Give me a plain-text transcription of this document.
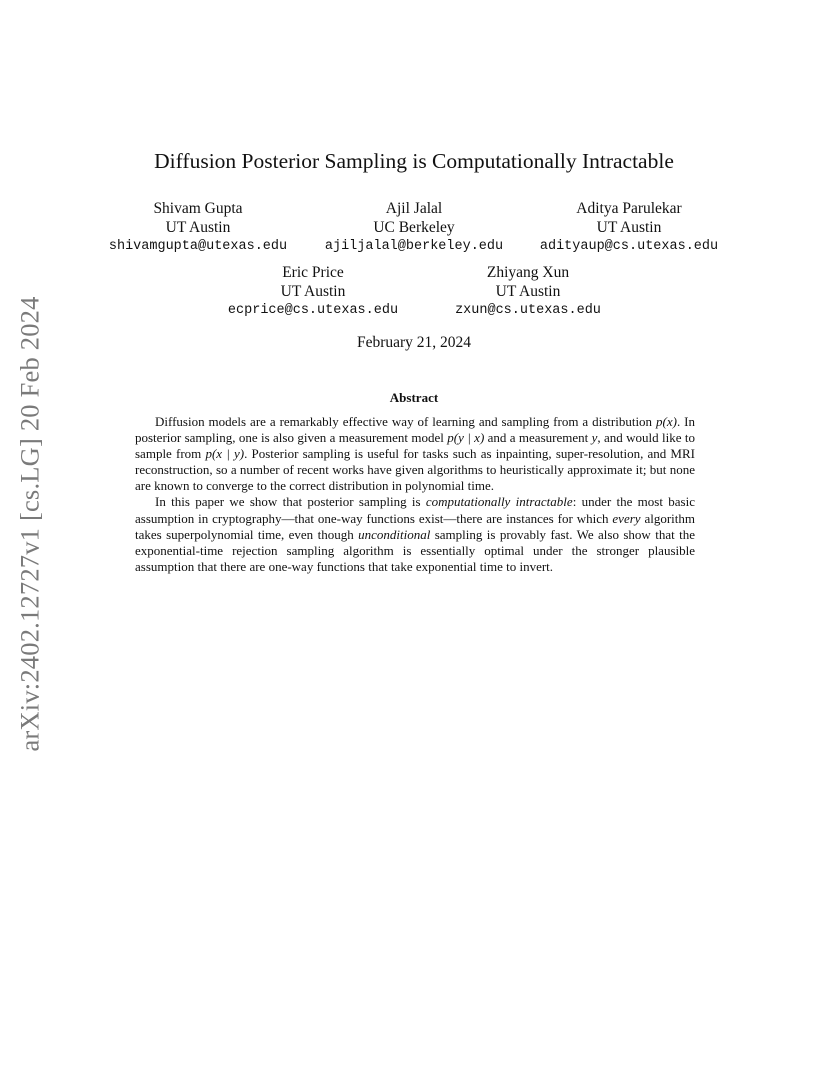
arXiv:2402.12727v1 [cs.LG] 20 Feb 2024
Diffusion Posterior Sampling is Computationally Intractable
Shivam Gupta
UT Austin
shivamgupta@utexas.edu
Ajil Jalal
UC Berkeley
ajiljalal@berkeley.edu
Aditya Parulekar
UT Austin
adityaup@cs.utexas.edu
Eric Price
UT Austin
ecprice@cs.utexas.edu
Zhiyang Xun
UT Austin
zxun@cs.utexas.edu
February 21, 2024
Abstract

Diffusion models are a remarkably effective way of learning and sampling from a distribution p(x). In posterior sampling, one is also given a measurement model p(y | x) and a measurement y, and would like to sample from p(x | y). Posterior sampling is useful for tasks such as inpainting, super-resolution, and MRI reconstruction, so a number of recent works have given algorithms to heuristically approximate it; but none are known to converge to the correct distribution in polynomial time.

In this paper we show that posterior sampling is computationally intractable: under the most basic assumption in cryptography—that one-way functions exist—there are instances for which every algorithm takes superpolynomial time, even though unconditional sampling is provably fast. We also show that the exponential-time rejection sampling algorithm is essentially optimal under the stronger plausible assumption that there are one-way functions that take exponential time to invert.
